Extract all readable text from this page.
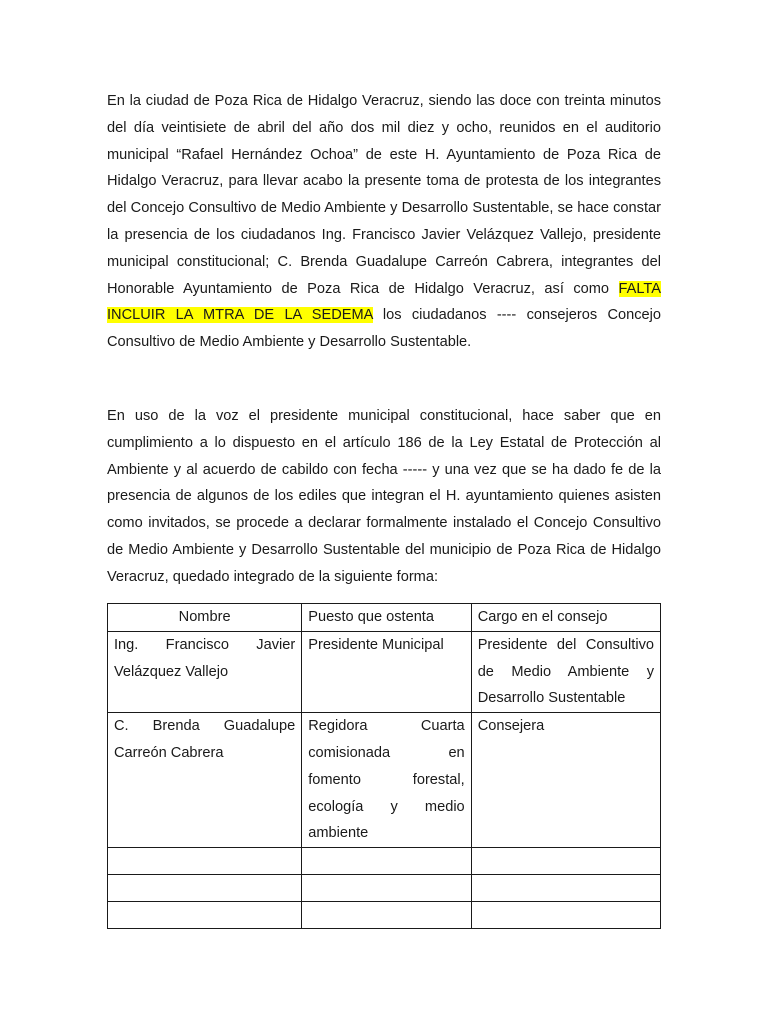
En la ciudad de Poza Rica de Hidalgo Veracruz, siendo las doce con treinta minutos del día veintisiete de abril del año dos mil diez y ocho, reunidos en el auditorio municipal “Rafael Hernández Ochoa” de este H. Ayuntamiento de Poza Rica de Hidalgo Veracruz, para llevar acabo la presente toma de protesta de los integrantes del Concejo Consultivo de Medio Ambiente y Desarrollo Sustentable, se hace constar la presencia de los ciudadanos Ing. Francisco Javier Velázquez Vallejo, presidente municipal constitucional; C. Brenda Guadalupe Carreón Cabrera, integrantes del Honorable Ayuntamiento de Poza Rica de Hidalgo Veracruz, así como FALTA INCLUIR LA MTRA DE LA SEDEMA los ciudadanos ---- consejeros Concejo Consultivo de Medio Ambiente y Desarrollo Sustentable.

En uso de la voz el presidente municipal constitucional, hace saber que en cumplimiento a lo dispuesto en el artículo 186 de la Ley Estatal de Protección al Ambiente y al acuerdo de cabildo con fecha ----- y una vez que se ha dado fe de la presencia de algunos de los ediles que integran el H. ayuntamiento quienes asisten como invitados, se procede a declarar formalmente instalado el Concejo Consultivo de Medio Ambiente y Desarrollo Sustentable del municipio de Poza Rica de Hidalgo Veracruz, quedado integrado de la siguiente forma:

Nombre	Puesto que ostenta	Cargo en el consejo
Ing. Francisco Javier Velázquez Vallejo	Presidente Municipal	Presidente del Consultivo de Medio Ambiente y Desarrollo Sustentable
C. Brenda Guadalupe Carreón Cabrera	Regidora Cuarta comisionada en fomento forestal, ecología y medio ambiente	Consejera
